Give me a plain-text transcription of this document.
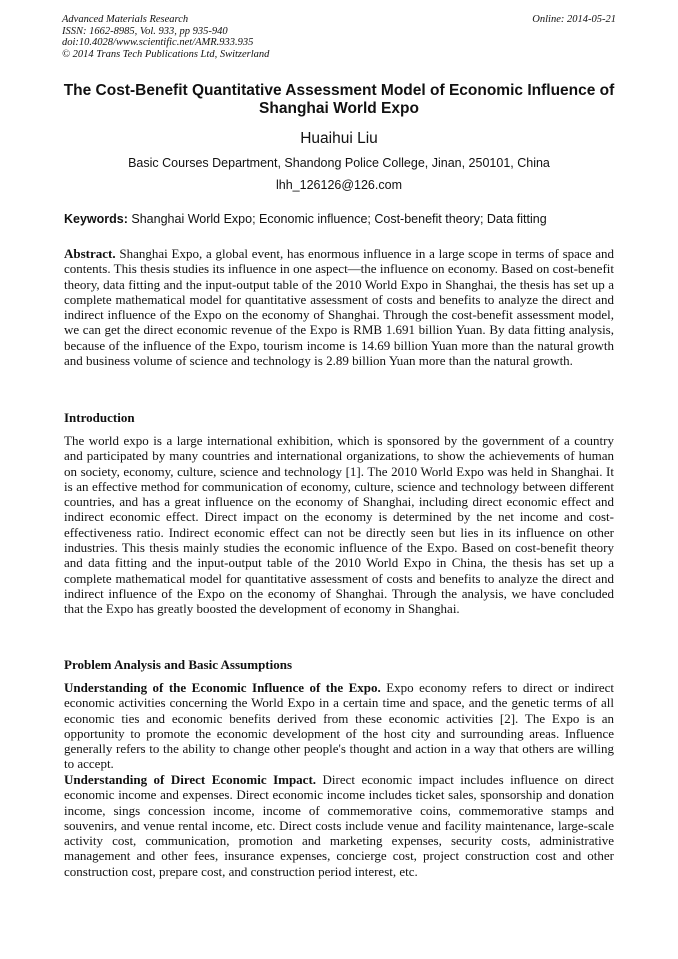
Advanced Materials Research
ISSN: 1662-8985, Vol. 933, pp 935-940
doi:10.4028/www.scientific.net/AMR.933.935
© 2014 Trans Tech Publications Ltd, Switzerland
Online: 2014-05-21
The Cost-Benefit Quantitative Assessment Model of Economic Influence of Shanghai World Expo
Huaihui Liu
Basic Courses Department, Shandong Police College, Jinan, 250101, China
lhh_126126@126.com
Keywords: Shanghai World Expo; Economic influence; Cost-benefit theory; Data fitting
Abstract. Shanghai Expo, a global event, has enormous influence in a large scope in terms of space and contents. This thesis studies its influence in one aspect—the influence on economy. Based on cost-benefit theory, data fitting and the input-output table of the 2010 World Expo in Shanghai, the thesis has set up a complete mathematical model for quantitative assessment of costs and benefits to analyze the direct and indirect influence of the Expo on the economy of Shanghai. Through the cost-benefit assessment model, we can get the direct economic revenue of the Expo is RMB 1.691 billion Yuan. By data fitting analysis, because of the influence of the Expo, tourism income is 14.69 billion Yuan more than the natural growth and business volume of science and technology is 2.89 billion Yuan more than the natural growth.
Introduction
The world expo is a large international exhibition, which is sponsored by the government of a country and participated by many countries and international organizations, to show the achievements of human on society, economy, culture, science and technology [1]. The 2010 World Expo was held in Shanghai. It is an effective method for communication of economy, culture, science and technology between different countries, and has a great influence on the economy of Shanghai, including direct economic effect and indirect economic effect. Direct impact on the economy is determined by the net income and cost-effectiveness ratio. Indirect economic effect can not be directly seen but lies in its influence on other industries. This thesis mainly studies the economic influence of the Expo. Based on cost-benefit theory and data fitting and the input-output table of the 2010 World Expo in China, the thesis has set up a complete mathematical model for quantitative assessment of costs and benefits to analyze the direct and indirect influence of the Expo on the economy of Shanghai. Through the analysis, we have concluded that the Expo has greatly boosted the development of economy in Shanghai.
Problem Analysis and Basic Assumptions
Understanding of the Economic Influence of the Expo. Expo economy refers to direct or indirect economic activities concerning the World Expo in a certain time and space, and the genetic terms of all economic ties and economic benefits derived from these economic activities [2]. The Expo is an opportunity to promote the economic development of the host city and surrounding areas. Influence generally refers to the ability to change other people's thought and action in a way that others are willing to accept.
Understanding of Direct Economic Impact. Direct economic impact includes influence on direct economic income and expenses. Direct economic income includes ticket sales, sponsorship and donation income, sings concession income, income of commemorative coins, commemorative stamps and souvenirs, and venue rental income, etc. Direct costs include venue and facility maintenance, large-scale activity cost, communication, promotion and marketing expenses, security costs, administrative management and other fees, insurance expenses, concierge cost, project construction cost and other construction cost, prepare cost, and construction period interest, etc.
